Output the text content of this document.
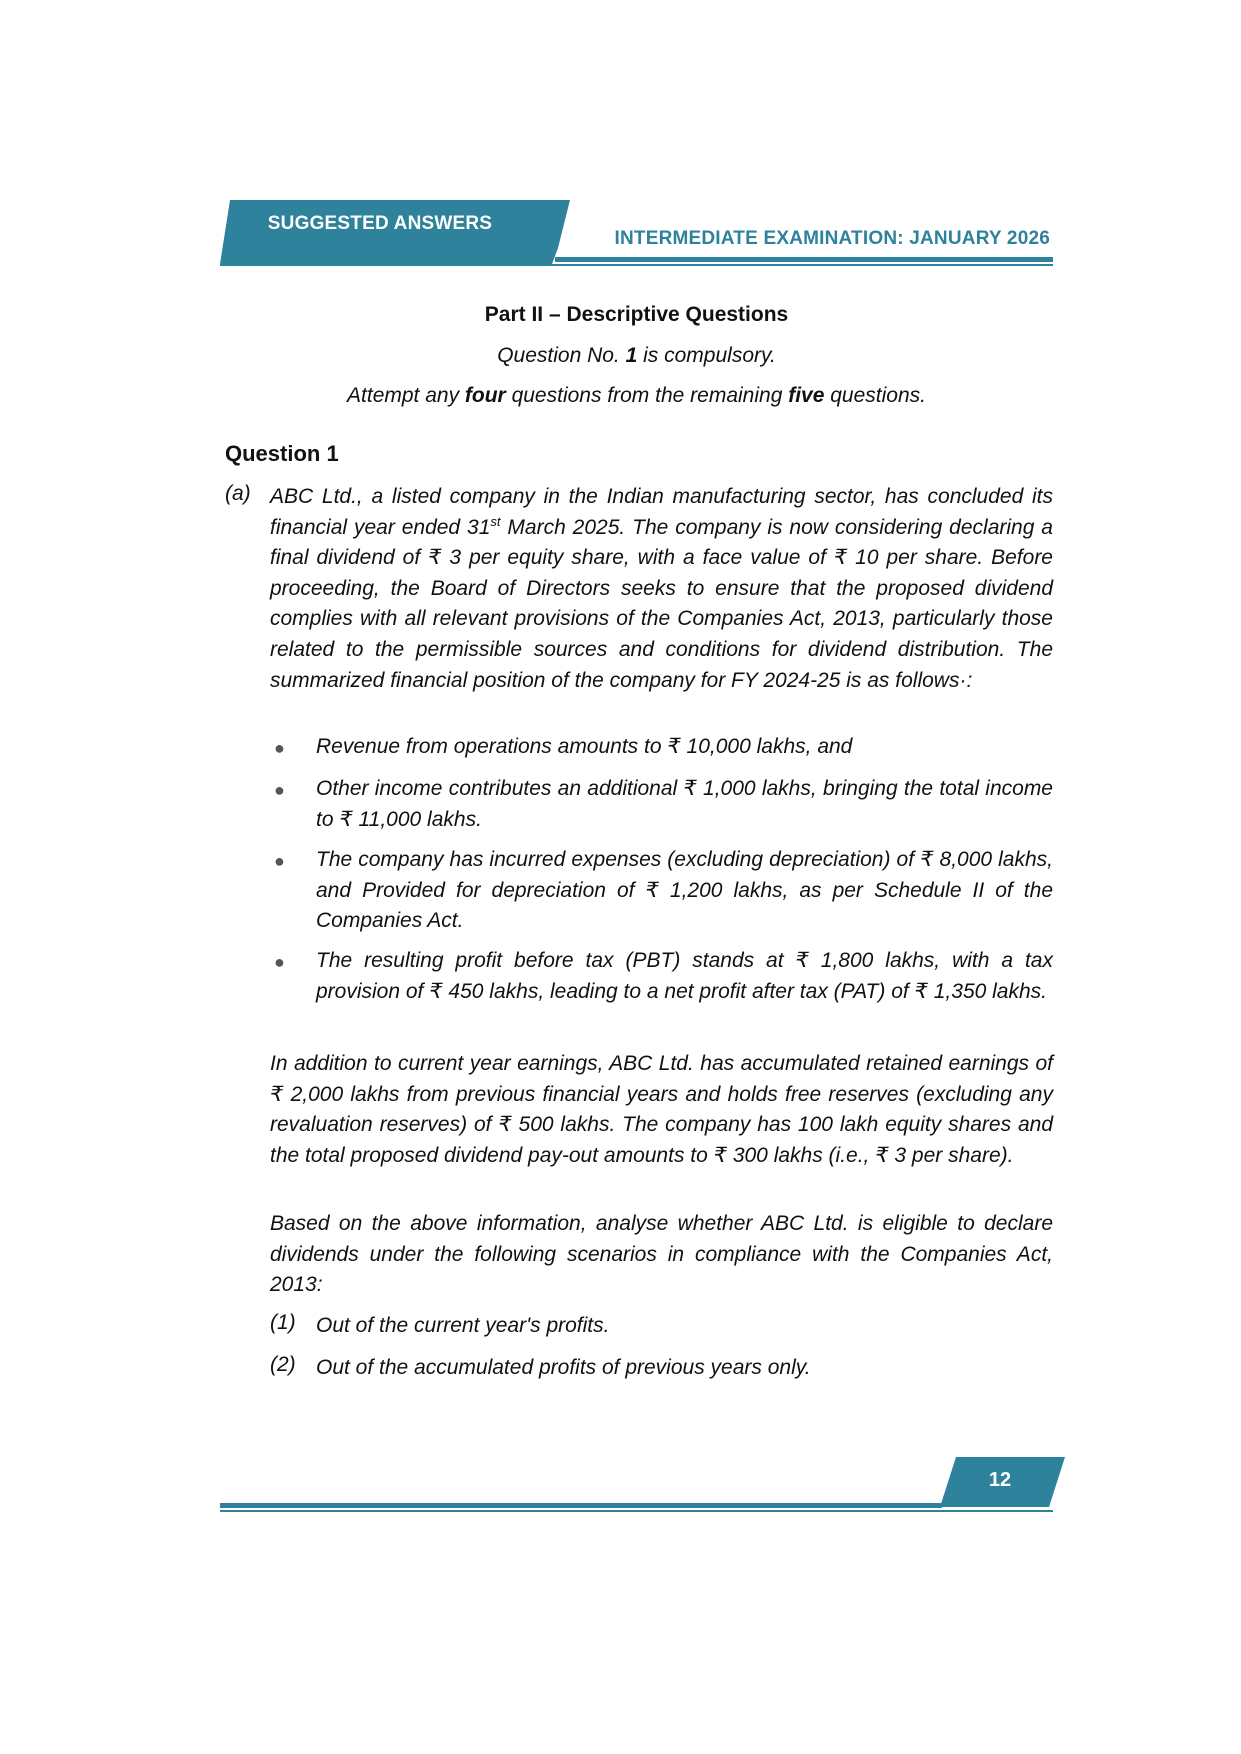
SUGGESTED ANSWERS
INTERMEDIATE EXAMINATION: JANUARY 2026
Part II – Descriptive Questions
Question No. 1 is compulsory.
Attempt any four questions from the remaining five questions.
Question 1
(a) ABC Ltd., a listed company in the Indian manufacturing sector, has concluded its financial year ended 31st March 2025. The company is now considering declaring a final dividend of ₹ 3 per equity share, with a face value of ₹ 10 per share. Before proceeding, the Board of Directors seeks to ensure that the proposed dividend complies with all relevant provisions of the Companies Act, 2013, particularly those related to the permissible sources and conditions for dividend distribution. The summarized financial position of the company for FY 2024-25 is as follows·:
● Revenue from operations amounts to ₹ 10,000 lakhs, and
● Other income contributes an additional ₹ 1,000 lakhs, bringing the total income to ₹ 11,000 lakhs.
● The company has incurred expenses (excluding depreciation) of ₹ 8,000 lakhs, and Provided for depreciation of ₹ 1,200 lakhs, as per Schedule II of the Companies Act.
● The resulting profit before tax (PBT) stands at ₹ 1,800 lakhs, with a tax provision of ₹ 450 lakhs, leading to a net profit after tax (PAT) of ₹ 1,350 lakhs.
In addition to current year earnings, ABC Ltd. has accumulated retained earnings of ₹ 2,000 lakhs from previous financial years and holds free reserves (excluding any revaluation reserves) of ₹ 500 lakhs. The company has 100 lakh equity shares and the total proposed dividend pay-out amounts to ₹ 300 lakhs (i.e., ₹ 3 per share).
Based on the above information, analyse whether ABC Ltd. is eligible to declare dividends under the following scenarios in compliance with the Companies Act, 2013:
(1) Out of the current year's profits.
(2) Out of the accumulated profits of previous years only.
12
